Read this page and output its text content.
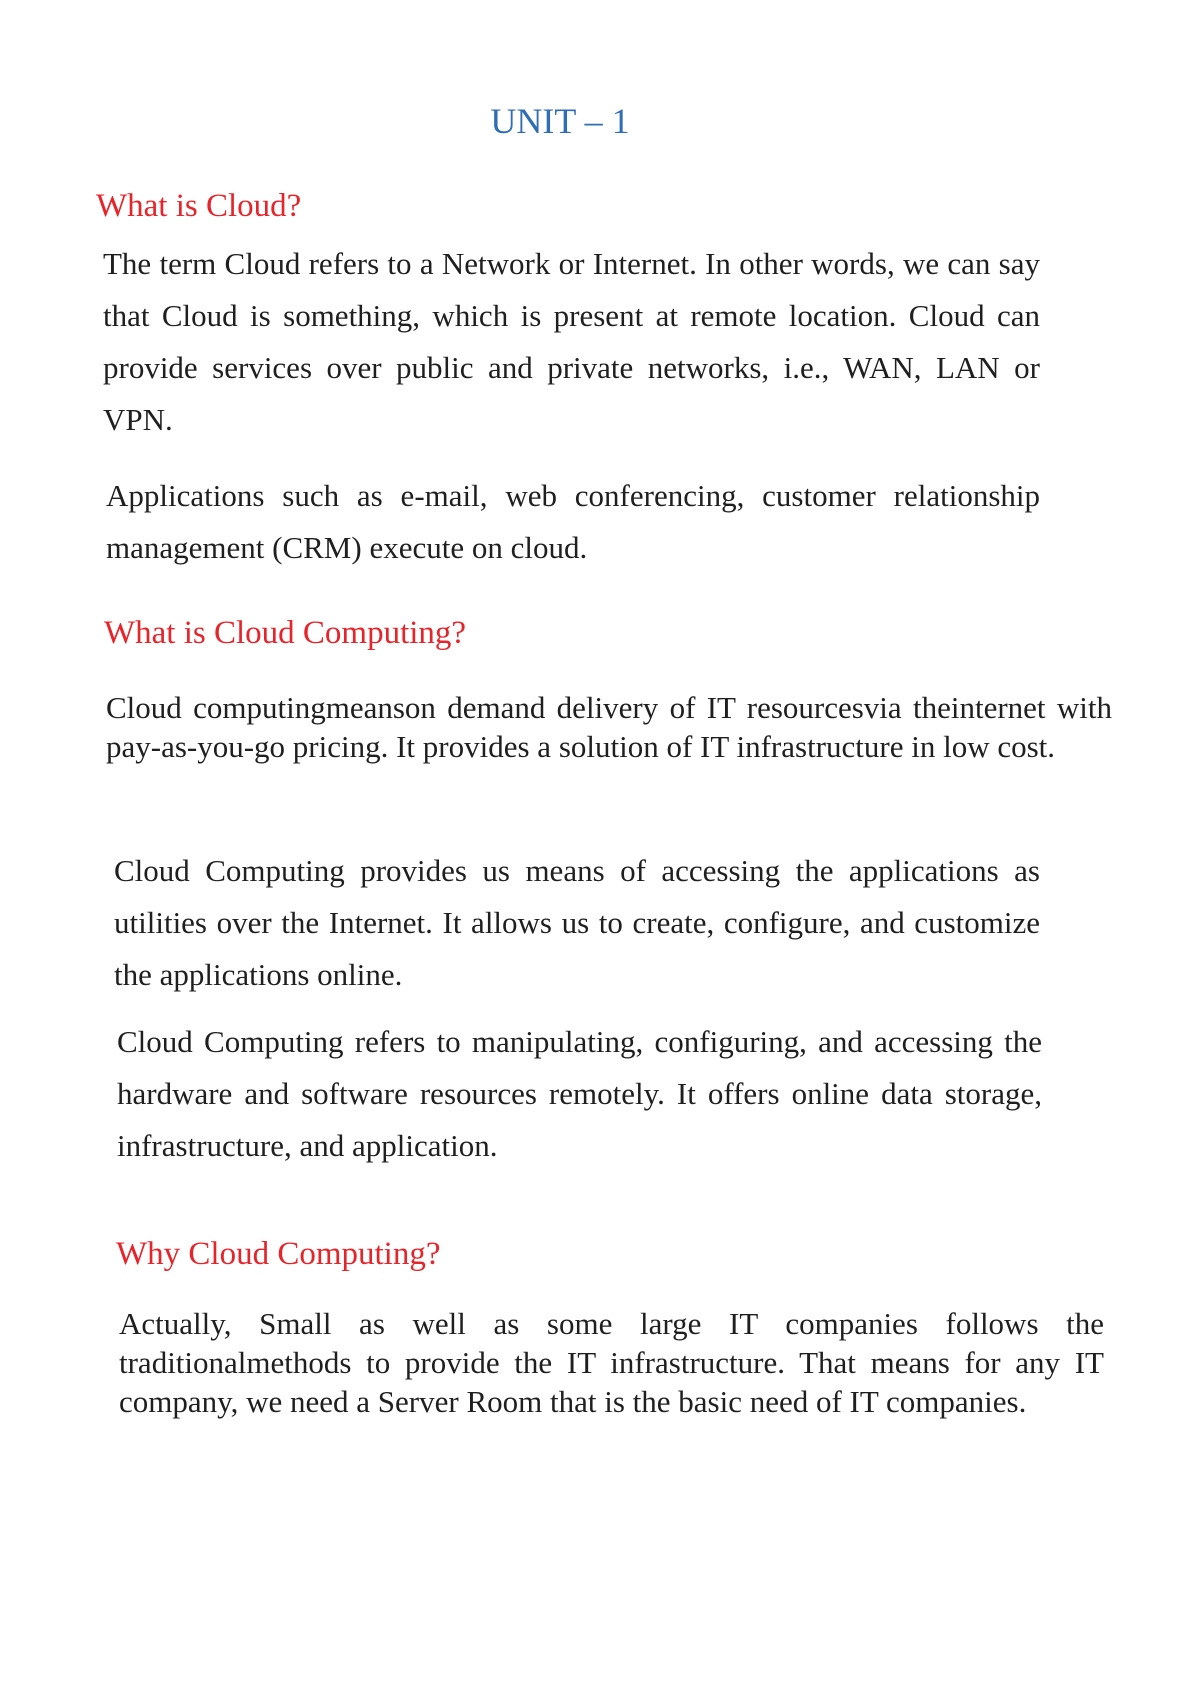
UNIT – 1
What is Cloud?

The term Cloud refers to a Network or Internet. In other words, we can say that Cloud is something, which is present at remote location. Cloud can provide services over public and private networks, i.e., WAN, LAN or VPN.

Applications such as e-mail, web conferencing, customer relationship management (CRM) execute on cloud.

What is Cloud Computing?

Cloud computingmeanson demand delivery of IT resourcesvia theinternet with pay-as-you-go pricing. It provides a solution of IT infrastructure in low cost.

Cloud Computing provides us means of accessing the applications as utilities over the Internet. It allows us to create, configure, and customize the applications online.

Cloud Computing refers to manipulating, configuring, and accessing the hardware and software resources remotely. It offers online data storage, infrastructure, and application.

Why Cloud Computing?

Actually, Small as well as some large IT companies follows the traditionalmethods to provide the IT infrastructure. That means for any IT company, we need a Server Room that is the basic need of IT companies.
